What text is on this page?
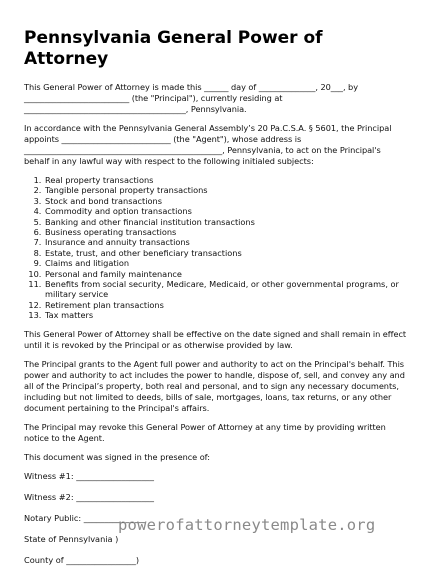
Pennsylvania General Power of Attorney

This General Power of Attorney is made this ______ day of ______________, 20___, by __________________________ (the "Principal"), currently residing at ________________________________________, Pennsylvania.

In accordance with the Pennsylvania General Assembly’s 20 Pa.C.S.A. § 5601, the Principal appoints ___________________________ (the "Agent"), whose address is _________________________________________________, Pennsylvania, to act on the Principal's behalf in any lawful way with respect to the following initialed subjects:

1. Real property transactions
2. Tangible personal property transactions
3. Stock and bond transactions
4. Commodity and option transactions
5. Banking and other financial institution transactions
6. Business operating transactions
7. Insurance and annuity transactions
8. Estate, trust, and other beneficiary transactions
9. Claims and litigation
10. Personal and family maintenance
11. Benefits from social security, Medicare, Medicaid, or other governmental programs, or military service
12. Retirement plan transactions
13. Tax matters

This General Power of Attorney shall be effective on the date signed and shall remain in effect until it is revoked by the Principal or as otherwise provided by law.

The Principal grants to the Agent full power and authority to act on the Principal's behalf. This power and authority to act includes the power to handle, dispose of, sell, and convey any and all of the Principal’s property, both real and personal, and to sign any necessary documents, including but not limited to deeds, bills of sale, mortgages, loans, tax returns, or any other document pertaining to the Principal's affairs.

The Principal may revoke this General Power of Attorney at any time by providing written notice to the Agent.

This document was signed in the presence of:

Witness #1: ___________________

Witness #2: ___________________

Notary Public: _______________

State of Pennsylvania )

County of _________________)

powerofattorneytemplate.org
